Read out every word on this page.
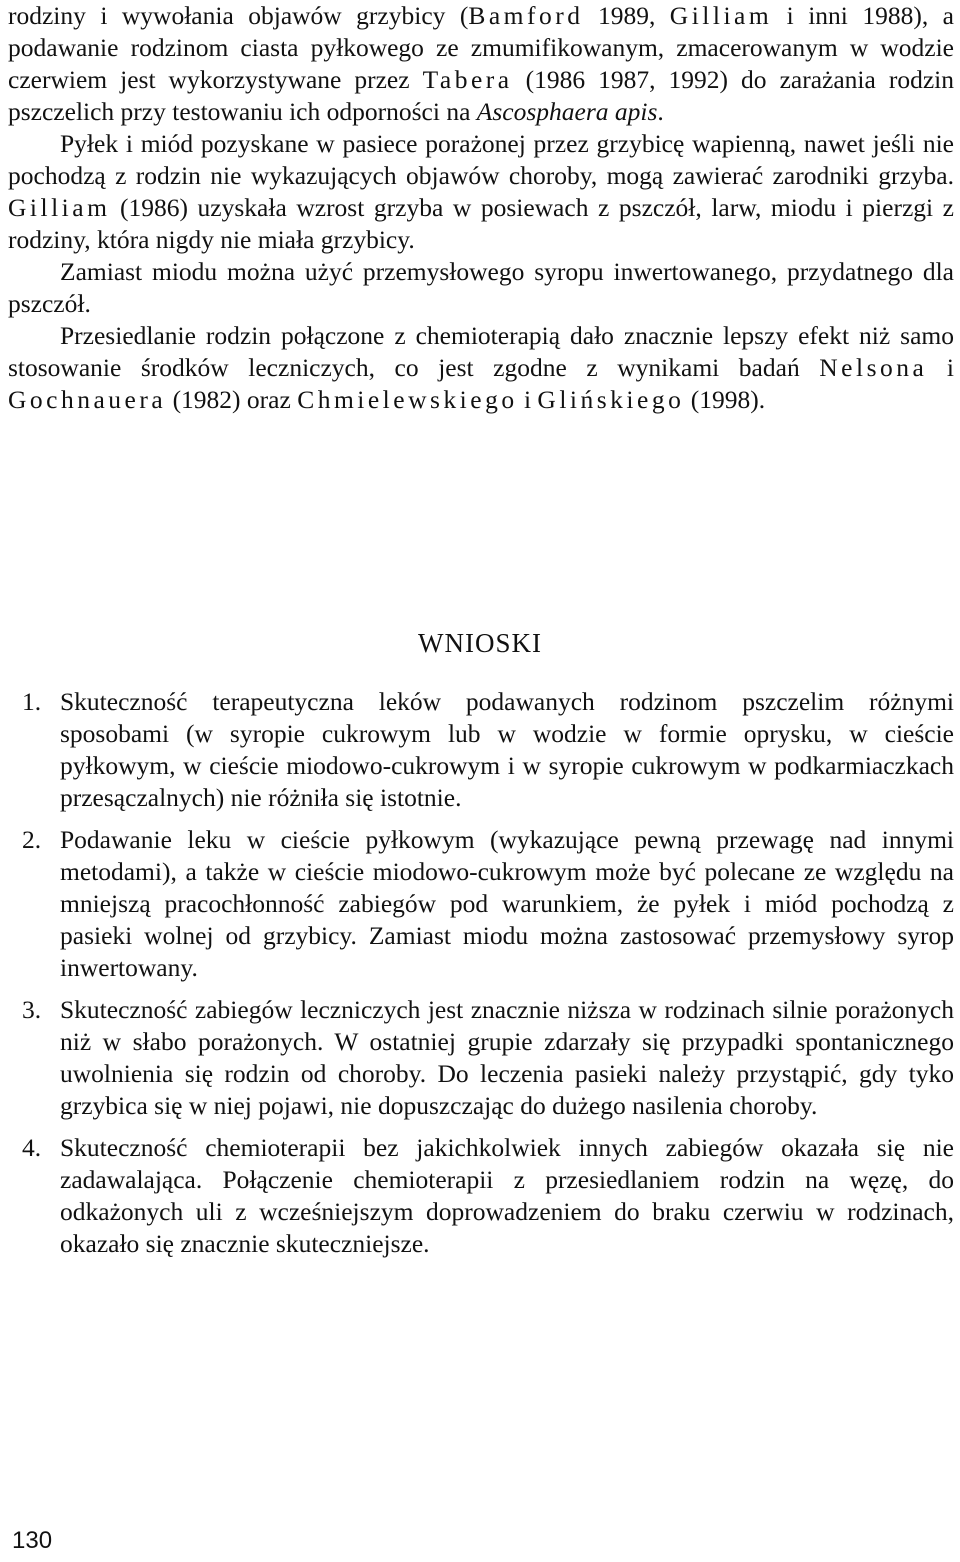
rodziny i wywołania objawów grzybicy (Bamford 1989, Gilliam i inni 1988), a podawanie rodzinom ciasta pyłkowego ze zmumifikowanym, zmacerowanym w wodzie czerwiem jest wykorzystywane przez Tabera (1986 1987, 1992) do zarażania rodzin pszczelich przy testowaniu ich odporności na Ascosphaera apis.

Pyłek i miód pozyskane w pasiece porażonej przez grzybicę wapienną, nawet jeśli nie pochodzą z rodzin nie wykazujących objawów choroby, mogą zawierać zarodniki grzyba. Gilliam (1986) uzyskała wzrost grzyba w posiewach z pszczół, larw, miodu i pierzgi z rodziny, która nigdy nie miała grzybicy.

Zamiast miodu można użyć przemysłowego syropu inwertowanego, przydatnego dla pszczół.

Przesiedlanie rodzin połączone z chemioterapią dało znacznie lepszy efekt niż samo stosowanie środków leczniczych, co jest zgodne z wynikami badań Nelsona i Gochnauera (1982) oraz Chmielewskiego i Glińskiego (1998).

WNIOSKI
1. Skuteczność terapeutyczna leków podawanych rodzinom pszczelim różnymi sposobami (w syropie cukrowym lub w wodzie w formie oprysku, w cieście pyłkowym, w cieście miodowo-cukrowym i w syropie cukrowym w podkarmiaczkach przesączalnych) nie różniła się istotnie.
2. Podawanie leku w cieście pyłkowym (wykazujące pewną przewagę nad innymi metodami), a także w cieście miodowo-cukrowym może być polecane ze względu na mniejszą pracochłonność zabiegów pod warunkiem, że pyłek i miód pochodzą z pasieki wolnej od grzybicy. Zamiast miodu można zastosować przemysłowy syrop inwertowany.
3. Skuteczność zabiegów leczniczych jest znacznie niższa w rodzinach silnie porażonych niż w słabo porażonych. W ostatniej grupie zdarzały się przypadki spontanicznego uwolnienia się rodzin od choroby. Do leczenia pasieki należy przystąpić, gdy tyko grzybica się w niej pojawi, nie dopuszczając do dużego nasilenia choroby.
4. Skuteczność chemioterapii bez jakichkolwiek innych zabiegów okazała się nie zadawalająca. Połączenie chemioterapii z przesiedlaniem rodzin na węzę, do odkażonych uli z wcześniejszym doprowadzeniem do braku czerwiu w rodzinach, okazało się znacznie skuteczniejsze.
130
